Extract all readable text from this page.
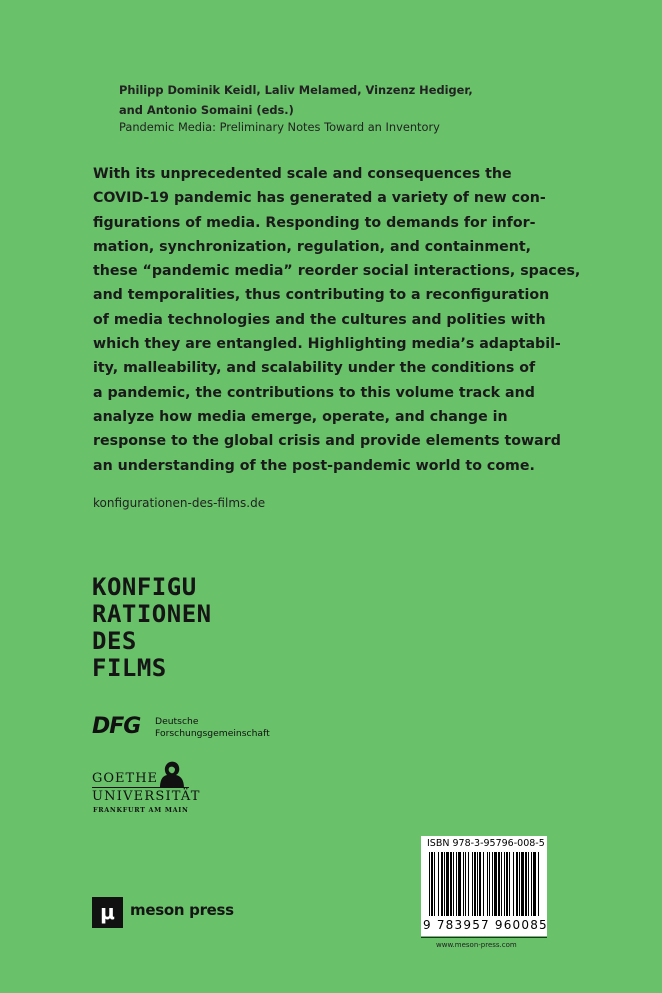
Philipp Dominik Keidl, Laliv Melamed, Vinzenz Hediger,
and Antonio Somaini (eds.)
Pandemic Media: Preliminary Notes Toward an Inventory
With its unprecedented scale and consequences the
COVID-19 pandemic has generated a variety of new con-
figurations of media. Responding to demands for infor-
mation, synchronization, regulation, and containment,
these “pandemic media” reorder social interactions, spaces,
and temporalities, thus contributing to a reconfiguration
of media technologies and the cultures and polities with
which they are entangled. Highlighting media’s adaptabil-
ity, malleability, and scalability under the conditions of
a pandemic, the contributions to this volume track and
analyze how media emerge, operate, and change in
response to the global crisis and provide elements toward
an understanding of the post-pandemic world to come.
konfigurationen-des-films.de
KONFIGU
RATIONEN
DES
FILMS
DFG Deutsche
Forschungsgemeinschaft
GOETHE
UNIVERSITÄT
FRANKFURT AM MAIN
μ	meson press
ISBN 978-3-95796-008-5
9 783957 960085
www.meson-press.com
